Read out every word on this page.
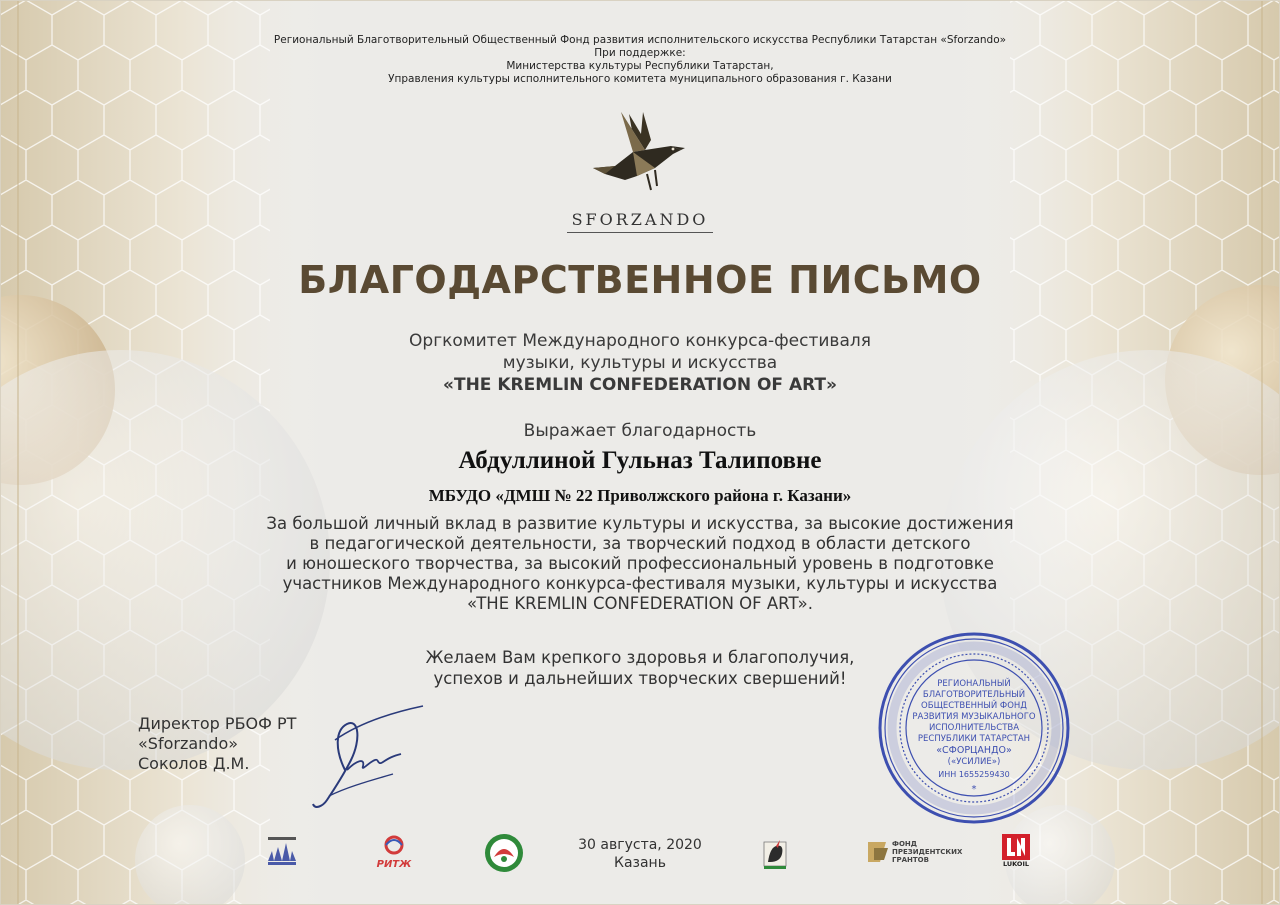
Региональный Благотворительный Общественный Фонд развития исполнительского искусства Республики Татарстан «Sforzando»
При поддержке:
Министерства культуры Республики Татарстан,
Управления культуры исполнительного комитета муниципального образования г. Казани
SFORZANDO
БЛАГОДАРСТВЕННОЕ ПИСЬМО
Оргкомитет Международного конкурса-фестиваля
музыки, культуры и искусства
«THE KREMLIN CONFEDERATION OF ART»
Выражает благодарность
Абдуллиной Гульназ Талиповне
МБУДО «ДМШ № 22 Приволжского района г. Казани»
За большой личный вклад в развитие культуры и искусства, за высокие достижения
в педагогической деятельности, за творческий подход в области детского
и юношеского творчества, за высокий профессиональный уровень в подготовке
участников Международного конкурса-фестиваля музыки, культуры и искусства
«THE KREMLIN CONFEDERATION OF ART».
Желаем Вам крепкого здоровья и благополучия,
успехов и дальнейших творческих свершений!
Директор РБОФ РТ
«Sforzando»
Соколов Д.М.
РЕГИОНАЛЬНЫЙ
БЛАГОТВОРИТЕЛЬНЫЙ
ОБЩЕСТВЕННЫЙ ФОНД
РАЗВИТИЯ МУЗЫКАЛЬНОГО
ИСПОЛНИТЕЛЬСТВА
РЕСПУБЛИКИ ТАТАРСТАН
«СФОРЦАНДО»
(«УСИЛИЕ»)
ИНН 1655259430
*
30 августа, 2020
Казань
РИТЖ
ФОНД
ПРЕЗИДЕНТСКИХ
ГРАНТОВ	LUKOIL
